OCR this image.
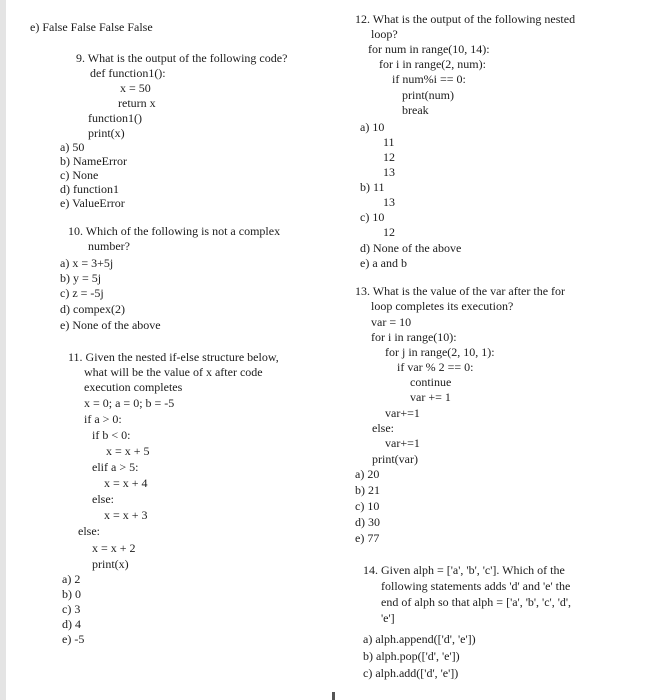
e) False False False False
9. What is the output of the following code?
def function1():
x = 50
return x
function1()
print(x)
a) 50
b) NameError
c) None
d) function1
e) ValueError
10. Which of the following is not a complex
number?
a) x = 3+5j
b) y = 5j
c) z = -5j
d) compex(2)
e) None of the above
11. Given the nested if-else structure below,
what will be the value of x after code
execution completes
x = 0; a = 0; b = -5
if a > 0:
if b < 0:
x = x + 5
elif a > 5:
x = x + 4
else:
x = x + 3
else:
x = x + 2
print(x)
a) 2
b) 0
c) 3
d) 4
e) -5
12. What is the output of the following nested
loop?
for num in range(10, 14):
for i in range(2, num):
if num%i == 0:
print(num)
break
a) 10
11
12
13
b) 11
13
c) 10
12
d) None of the above
e) a and b
13. What is the value of the var after the for
loop completes its execution?
var = 10
for i in range(10):
for j in range(2, 10, 1):
if var % 2 == 0:
continue
var += 1
var+=1
else:
var+=1
print(var)
a) 20
b) 21
c) 10
d) 30
e) 77
14. Given alph = ['a', 'b', 'c']. Which of the
following statements adds 'd' and 'e' the
end of alph so that alph = ['a', 'b', 'c', 'd',
'e']
a) alph.append(['d', 'e'])
b) alph.pop(['d', 'e'])
c) alph.add(['d', 'e'])
